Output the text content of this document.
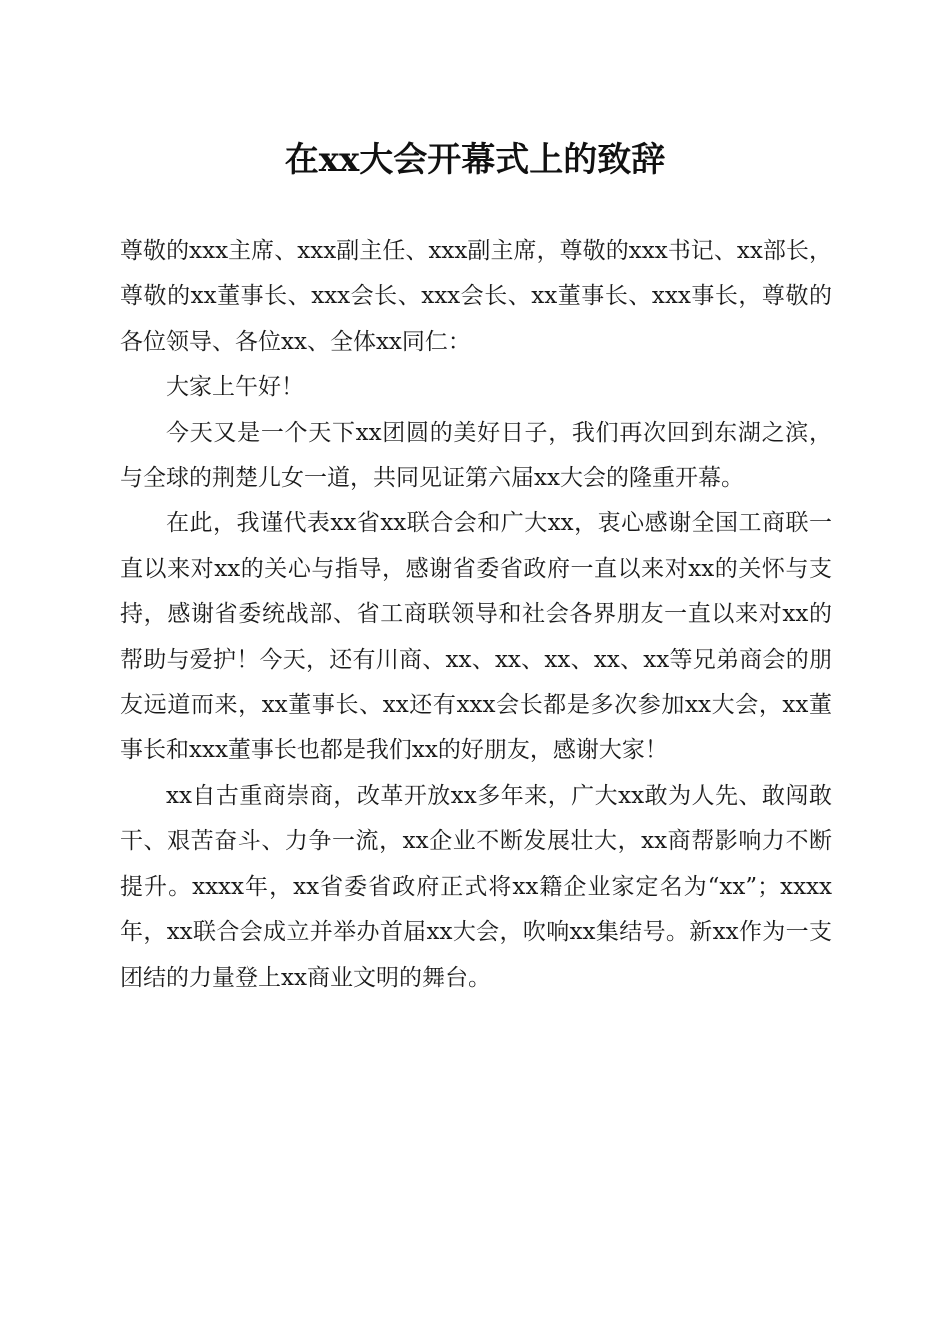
在xx大会开幕式上的致辞

尊敬的xxx主席、xxx副主任、xxx副主席，尊敬的xxx书记、xx部长，尊敬的xx董事长、xxx会长、xxx会长、xx董事长、xxx事长，尊敬的各位领导、各位xx、全体xx同仁：

大家上午好！

今天又是一个天下xx团圆的美好日子，我们再次回到东湖之滨，与全球的荆楚儿女一道，共同见证第六届xx大会的隆重开幕。

在此，我谨代表xx省xx联合会和广大xx，衷心感谢全国工商联一直以来对xx的关心与指导，感谢省委省政府一直以来对xx的关怀与支持，感谢省委统战部、省工商联领导和社会各界朋友一直以来对xx的帮助与爱护！今天，还有川商、xx、xx、xx、xx、xx等兄弟商会的朋友远道而来，xx董事长、xx还有xxx会长都是多次参加xx大会，xx董事长和xxx董事长也都是我们xx的好朋友，感谢大家！

xx自古重商崇商，改革开放xx多年来，广大xx敢为人先、敢闯敢干、艰苦奋斗、力争一流，xx企业不断发展壮大，xx商帮影响力不断提升。xxxx年，xx省委省政府正式将xx籍企业家定名为“xx”；xxxx年，xx联合会成立并举办首届xx大会，吹响xx集结号。新xx作为一支团结的力量登上xx商业文明的舞台。
